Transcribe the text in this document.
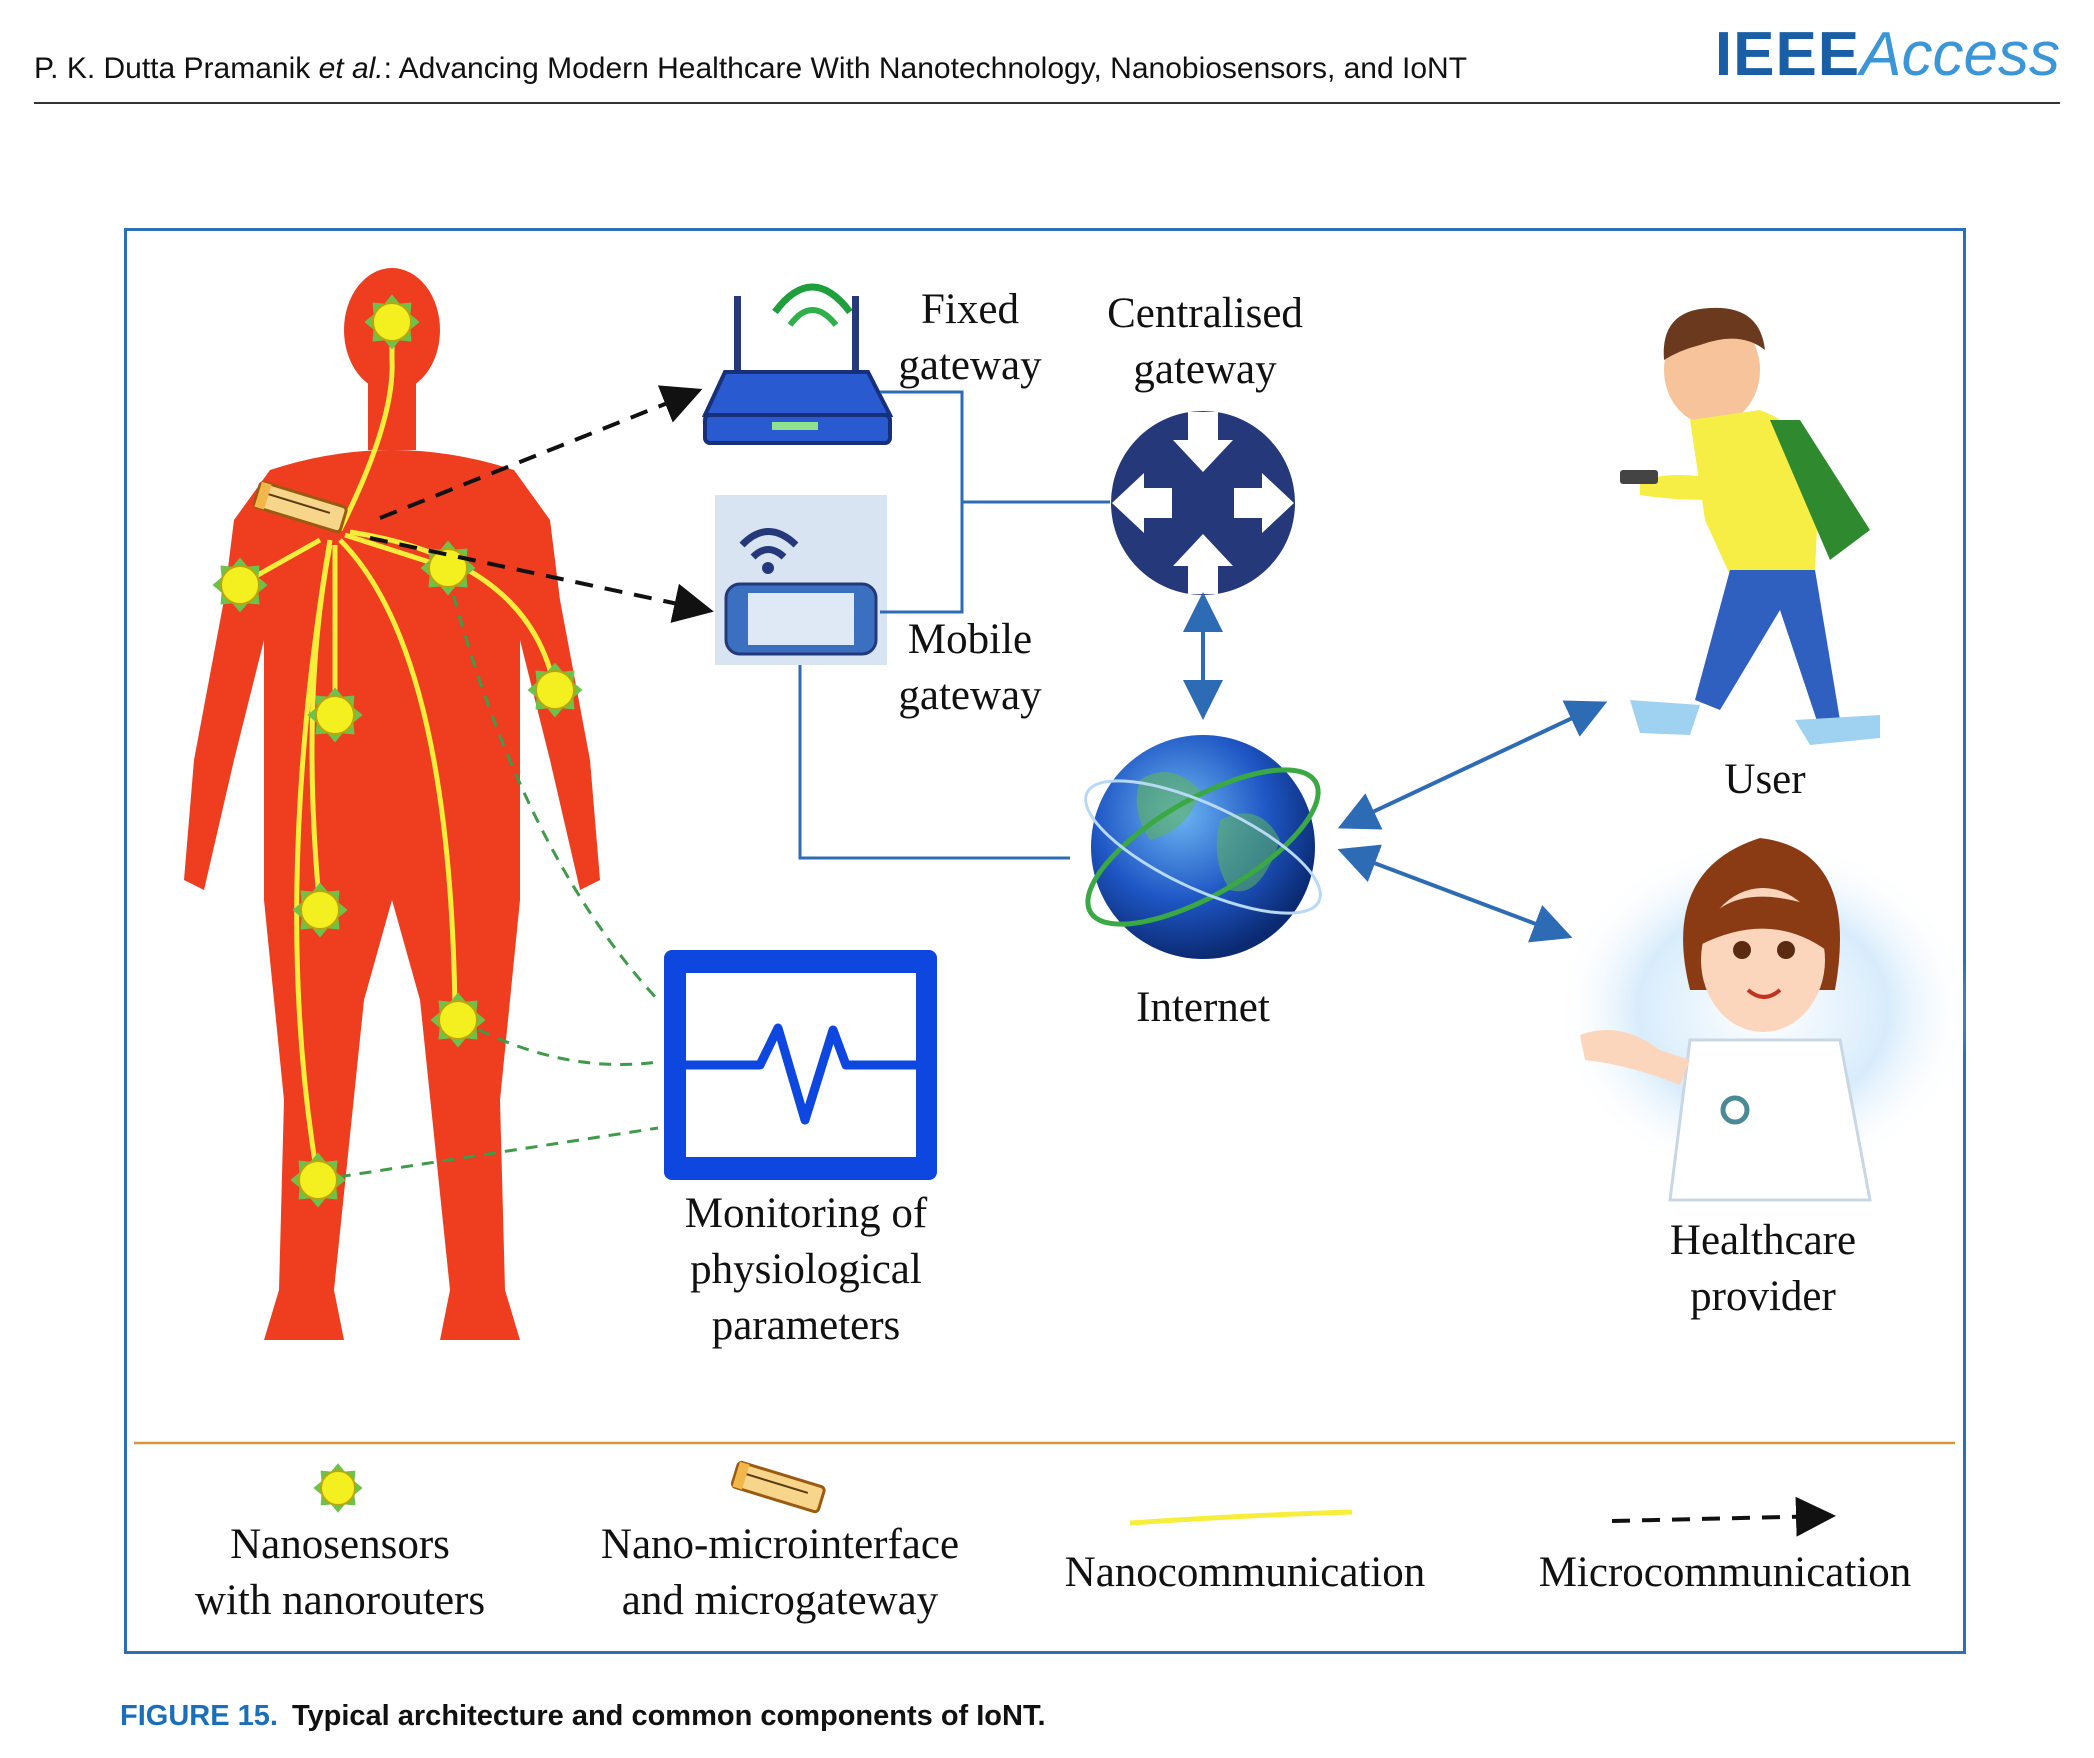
P. K. Dutta Pramanik et al.: Advancing Modern Healthcare With Nanotechnology, Nanobiosensors, and IoNT	IEEEAccess
Fixed
gateway
Centralised
gateway
Mobile
gateway
Internet
User
Healthcare
provider
Monitoring of
physiological
parameters
Nanosensors
with nanorouters
Nano-microinterface
and microgateway
Nanocommunication	Microcommunication
FIGURE 15. Typical architecture and common components of IoNT.
